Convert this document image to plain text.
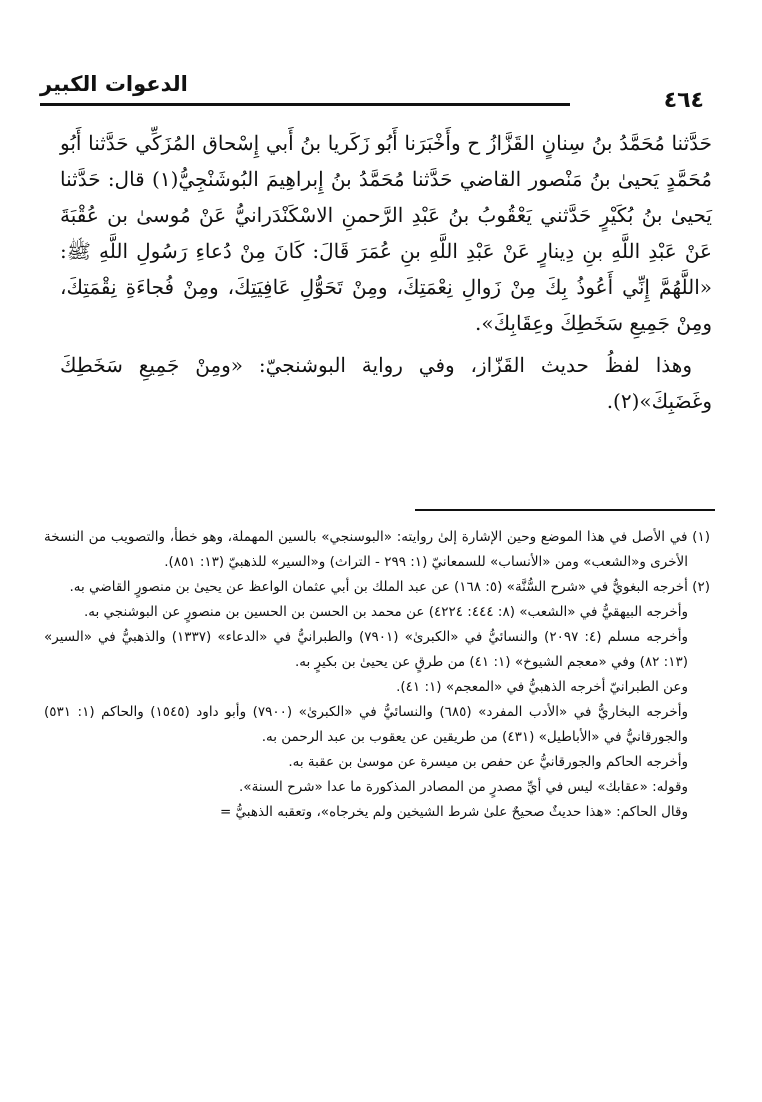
الدعوات الكبير
٤٦٤

حَدَّثنا مُحَمَّدُ بنُ سِنانٍ القَزَّازُ ح وأَخْبَرَنا أَبُو زَكَريا بنُ أَبي إِسْحاق المُزَكِّي حَدَّثنا أَبُو مُحَمَّدٍ يَحيىٰ بنُ مَنْصور القاضي حَدَّثنا مُحَمَّدُ بنُ إِبراهِيمَ البُوشَنْجِيُّ(١) قال: حَدَّثنا يَحيىٰ بنُ بُكَيْرٍ حَدَّثني يَعْقُوبُ بنُ عَبْدِ الرَّحمنِ الاسْكَنْدَرانيُّ عَنْ مُوسىٰ بن عُقْبَةَ عَنْ عَبْدِ اللَّهِ بنِ دِينارٍ عَنْ عَبْدِ اللَّهِ بنِ عُمَرَ قَالَ: كَانَ مِنْ دُعاءِ رَسُولِ اللَّهِ ﷺ: «اللَّهُمَّ إِنِّي أَعُوذُ بِكَ مِنْ زَوالِ نِعْمَتِكَ، ومِنْ تَحَوُّلِ عَافِيَتِكَ، ومِنْ فُجاءَةِ نِقْمَتِكَ، ومِنْ جَمِيعِ سَخَطِكَ وعِقَابِكَ».

وهذا لفظُ حديث القَزّاز، وفي رواية البوشنجيّ: «ومِنْ جَمِيعِ سَخَطِكَ وغَضَبِكَ»(٢).

(١) في الأصل في هذا الموضع وحين الإشارة إلىٰ روايته: «البوسنجي» بالسين المهملة، وهو خطأ، والتصويب من النسخة الأخرى و«الشعب» ومن «الأنساب» للسمعانيّ (١: ٢٩٩ - التراث) و«السير» للذهبيّ (١٣: ٨٥١).

(٢) أخرجه البغويُّ في «شرح السُّنَّة» (٥: ١٦٨) عن عبد الملك بن أبي عثمان الواعظ عن يحيىٰ بن منصورٍ القاضي به.

وأخرجه البيهقيُّ في «الشعب» (٨: ٤٤٤: ٤٢٢٤) عن محمد بن الحسن بن الحسين بن منصورٍ عن البوشنجي به.

وأخرجه مسلم (٤: ٢٠٩٧) والنسائيُّ في «الكبرىٰ» (٧٩٠١) والطبرانيُّ في «الدعاء» (١٣٣٧) والذهبيُّ في «السير» (١٣: ٨٢) وفي «معجم الشيوخ» (١: ٤١) من طرقٍ عن يحيىٰ بن بكيرٍ به.

وعن الطبرانيّ أخرجه الذهبيُّ في «المعجم» (١: ٤١).

وأخرجه البخاريُّ في «الأدب المفرد» (٦٨٥) والنسائيُّ في «الكبرىٰ» (٧٩٠٠) وأبو داود (١٥٤٥) والحاكم (١: ٥٣١) والجورقانيُّ في «الأباطيل» (٤٣١) من طريقين عن يعقوب بن عبد الرحمن به.

وأخرجه الحاكم والجورقانيُّ عن حفص بن ميسرة عن موسىٰ بن عقبة به.

وقوله: «عقابك» ليس في أيِّ مصدرٍ من المصادر المذكورة ما عدا «شرح السنة».

وقال الحاكم: «هذا حديثٌ صحيحٌ علىٰ شرط الشيخين ولم يخرجاه»، وتعقبه الذهبيُّ =
